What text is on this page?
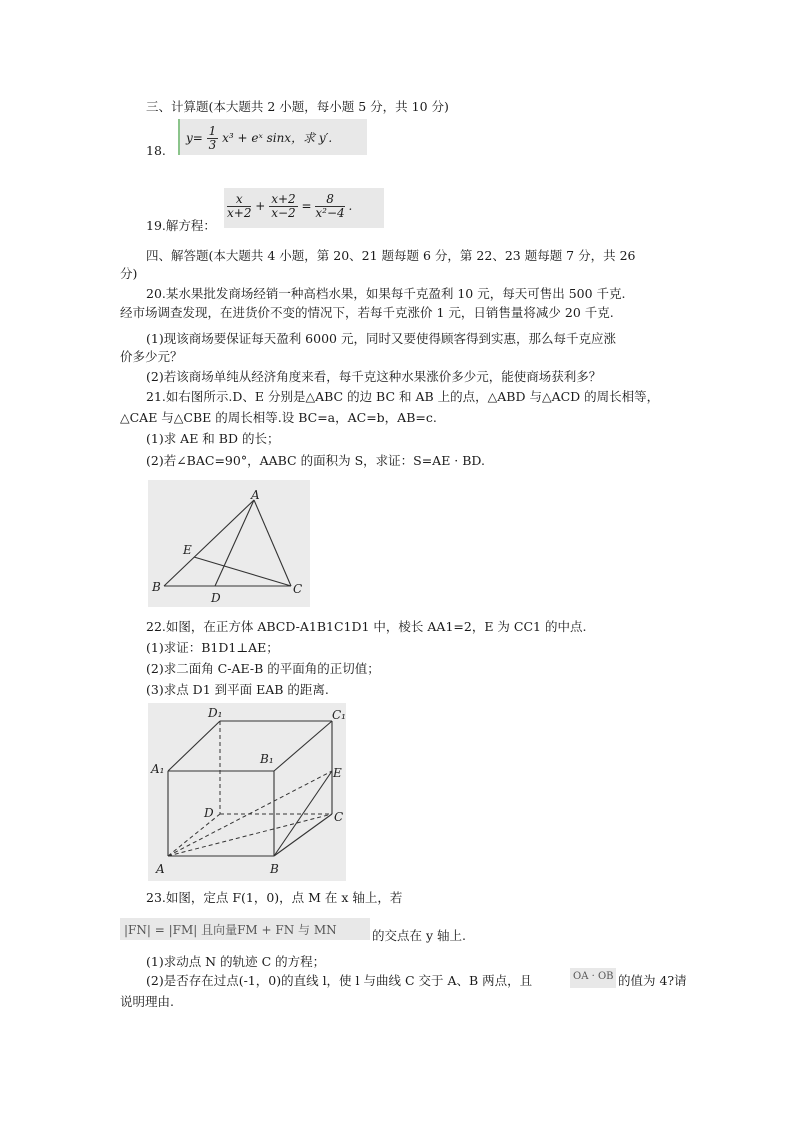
三、计算题(本大题共 2 小题，每小题 5 分，共 10 分)
18.
$y= \frac{1}{3} x^3$ + eˣ sinx，求 y′.
19.解方程：
$\frac{x}{x+2} + \frac{x+2}{x-2} = \frac{8}{\text{x²−4}}$ .
四、解答题(本大题共 4 小题，第 20、21 题每题 6 分，第 22、23 题每题 7 分，共 26
分)
20.某水果批发商场经销一种高档水果，如果每千克盈利 10 元，每天可售出 500 千克.
经市场调查发现，在进货价不变的情况下，若每千克涨价 1 元，日销售量将减少 20 千克.
(1)现该商场要保证每天盈利 6000 元，同时又要使得顾客得到实惠，那么每千克应涨
价多少元？
(2)若该商场单纯从经济角度来看，每千克这种水果涨价多少元，能使商场获利多？
21.如右图所示.D、E 分别是△ABC 的边 BC 和 AB 上的点，△ABD 与△ACD 的周长相等，
△CAE 与△CBE 的周长相等.设 BC=a，AC=b，AB=c.
(1)求 AE 和 BD 的长；
(2)若∠BAC=90°，AABC 的面积为 S，求证：S=AE · BD.
A
B	C
D
E
22.如图，在正方体 ABCD-A1B1C1D1 中，棱长 AA1=2，E 为 CC1 的中点.
(1)求证：B1D1⊥AE；
(2)求二面角 C-AE-B 的平面角的正切值；
(3)求点 D1 到平面 EAB 的距离.
D₁	C₁
B₁
A₁	E
D	C
A	B
23.如图，定点 F(1，0)，点 M 在 x 轴上，若
|FN| = |FM| 且向量FM + FN 与 MN	的交点在 y 轴上.
(1)求动点 N 的轨迹 C 的方程；
(2)是否存在过点(-1，0)的直线 l，使 l 与曲线 C 交于 A、B 两点，且	OA · OB 的值为 4?请
说明理由.
